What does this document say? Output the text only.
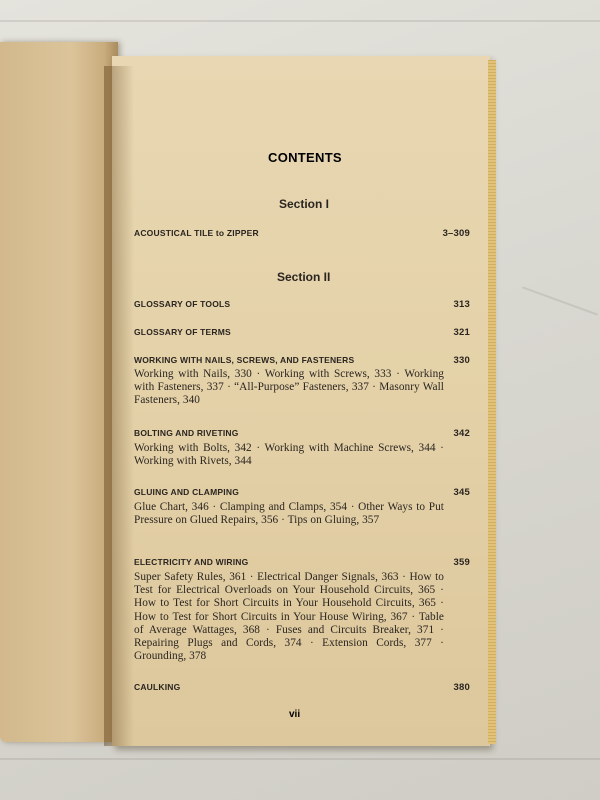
CONTENTS
Section I
ACOUSTICAL TILE to ZIPPER	3–309
Section II
GLOSSARY OF TOOLS	313
GLOSSARY OF TERMS	321
WORKING WITH NAILS, SCREWS, AND FASTENERS	330
Working with Nails, 330 · Working with Screws, 333 · Working with Fasteners, 337 · “All-Purpose” Fasteners, 337 · Masonry Wall Fasteners, 340
BOLTING AND RIVETING	342
Working with Bolts, 342 · Working with Machine Screws, 344 · Working with Rivets, 344
GLUING AND CLAMPING	345
Glue Chart, 346 · Clamping and Clamps, 354 · Other Ways to Put Pressure on Glued Repairs, 356 · Tips on Gluing, 357
ELECTRICITY AND WIRING	359
Super Safety Rules, 361 · Electrical Danger Signals, 363 · How to Test for Electrical Overloads on Your Household Circuits, 365 · How to Test for Short Circuits in Your Household Circuits, 365 · How to Test for Short Circuits in Your House Wiring, 367 · Table of Average Wattages, 368 · Fuses and Circuits Breaker, 371 · Repairing Plugs and Cords, 374 · Extension Cords, 377 · Grounding, 378
CAULKING	380
vii
